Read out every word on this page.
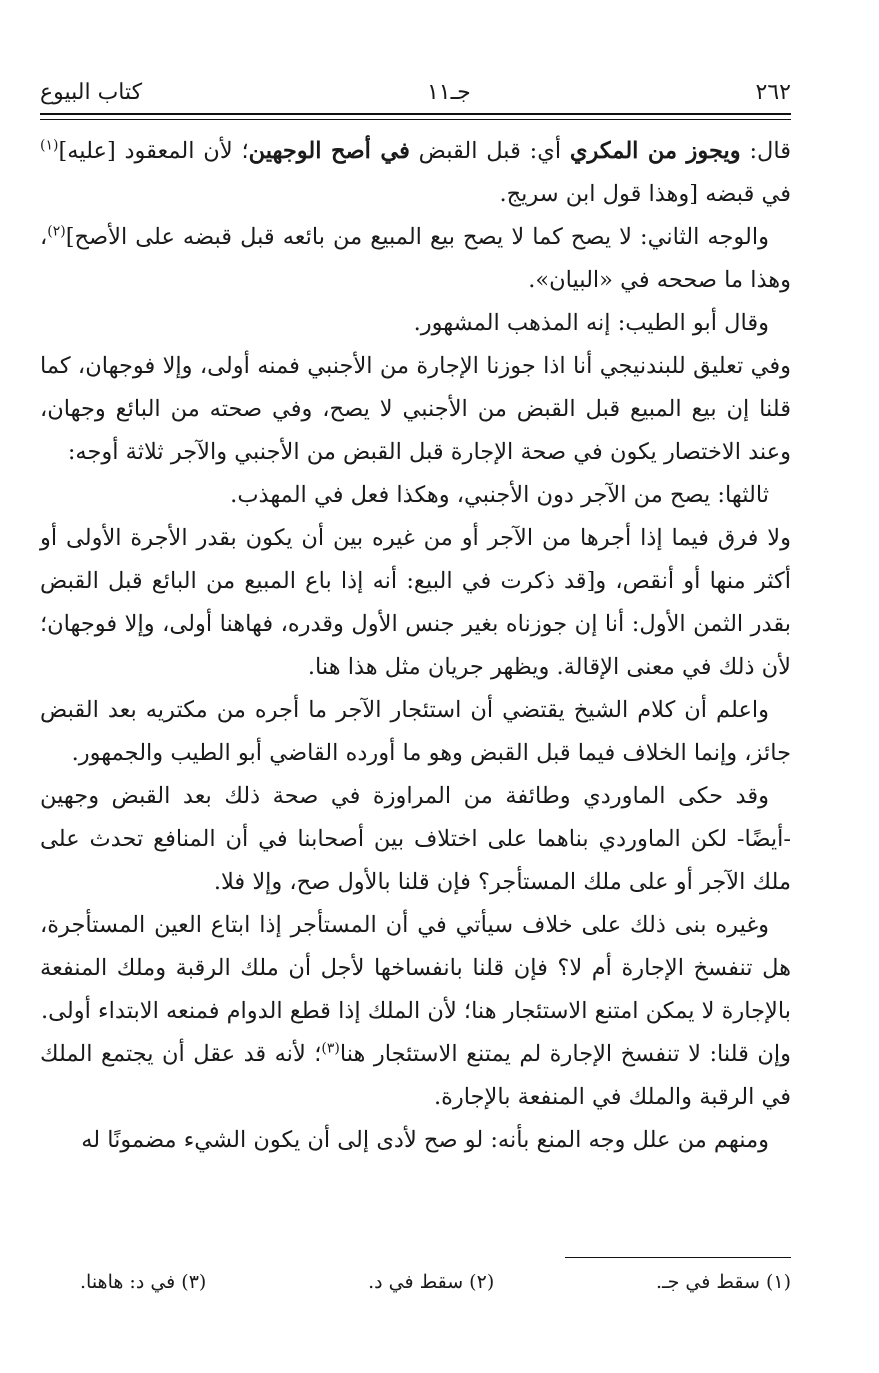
٢٦٢
جـ١١
كتاب البيوع

قال: ويجوز من المكري أي: قبل القبض في أصح الوجهين؛ لأن المعقود [عليه]$^{(١)}$ في قبضه [وهذا قول ابن سريج.

والوجه الثاني: لا يصح كما لا يصح بيع المبيع من بائعه قبل قبضه على الأصح]$^{(٢)}$، وهذا ما صححه في «البيان».

وقال أبو الطيب: إنه المذهب المشهور.

وفي تعليق للبندنيجي أنا اذا جوزنا الإجارة من الأجنبي فمنه أولى، وإلا فوجهان، كما قلنا إن بيع المبيع قبل القبض من الأجنبي لا يصح، وفي صحته من البائع وجهان، وعند الاختصار يكون في صحة الإجارة قبل القبض من الأجنبي والآجر ثلاثة أوجه:

ثالثها: يصح من الآجر دون الأجنبي، وهكذا فعل في المهذب.

ولا فرق فيما إذا أجرها من الآجر أو من غيره بين أن يكون بقدر الأجرة الأولى أو أكثر منها أو أنقص، و[قد ذكرت في البيع: أنه إذا باع المبيع من البائع قبل القبض بقدر الثمن الأول: أنا إن جوزناه بغير جنس الأول وقدره، فهاهنا أولى، وإلا فوجهان؛ لأن ذلك في معنى الإقالة. ويظهر جريان مثل هذا هنا.

واعلم أن كلام الشيخ يقتضي أن استئجار الآجر ما أجره من مكتريه بعد القبض جائز، وإنما الخلاف فيما قبل القبض وهو ما أورده القاضي أبو الطيب والجمهور.

وقد حكى الماوردي وطائفة من المراوزة في صحة ذلك بعد القبض وجهين -أيضًا- لكن الماوردي بناهما على اختلاف بين أصحابنا في أن المنافع تحدث على ملك الآجر أو على ملك المستأجر؟ فإن قلنا بالأول صح، وإلا فلا.

وغيره بنى ذلك على خلاف سيأتي في أن المستأجر إذا ابتاع العين المستأجرة، هل تنفسخ الإجارة أم لا؟ فإن قلنا بانفساخها لأجل أن ملك الرقبة وملك المنفعة بالإجارة لا يمكن امتنع الاستئجار هنا؛ لأن الملك إذا قطع الدوام فمنعه الابتداء أولى.

وإن قلنا: لا تنفسخ الإجارة لم يمتنع الاستئجار هنا$^{(٣)}$؛ لأنه قد عقل أن يجتمع الملك في الرقبة والملك في المنفعة بالإجارة.

ومنهم من علل وجه المنع بأنه: لو صح لأدى إلى أن يكون الشيء مضمونًا له

(١) سقط في جـ.
(٢) سقط في د.
(٣) في د: هاهنا.
